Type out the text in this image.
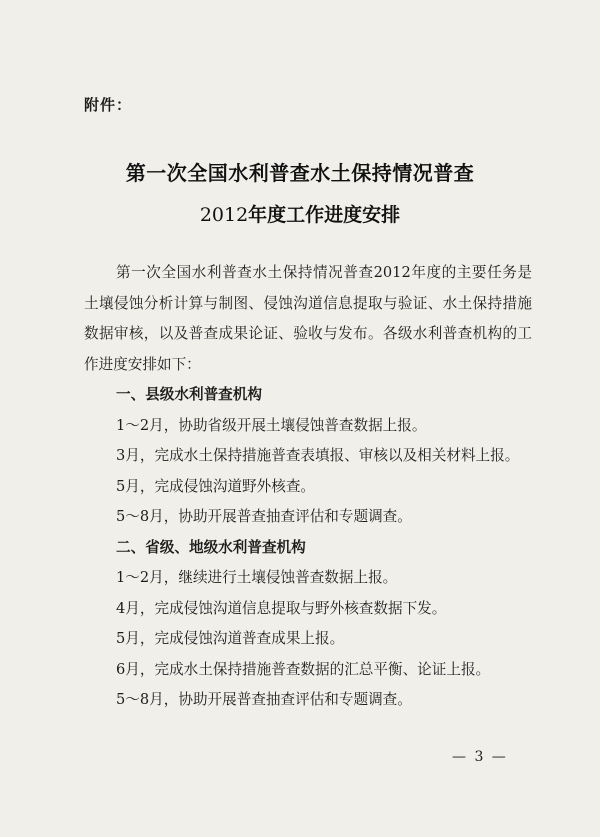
附件：
第一次全国水利普查水土保持情况普查
2012年度工作进度安排

第一次全国水利普查水土保持情况普查2012年度的主要任务是土壤侵蚀分析计算与制图、侵蚀沟道信息提取与验证、水土保持措施数据审核，以及普查成果论证、验收与发布。各级水利普查机构的工作进度安排如下：

一、县级水利普查机构

1～2月，协助省级开展土壤侵蚀普查数据上报。

3月，完成水土保持措施普查表填报、审核以及相关材料上报。

5月，完成侵蚀沟道野外核查。

5～8月，协助开展普查抽查评估和专题调查。

二、省级、地级水利普查机构

1～2月，继续进行土壤侵蚀普查数据上报。

4月，完成侵蚀沟道信息提取与野外核查数据下发。

5月，完成侵蚀沟道普查成果上报。

6月，完成水土保持措施普查数据的汇总平衡、论证上报。

5～8月，协助开展普查抽查评估和专题调查。

— 3 —
